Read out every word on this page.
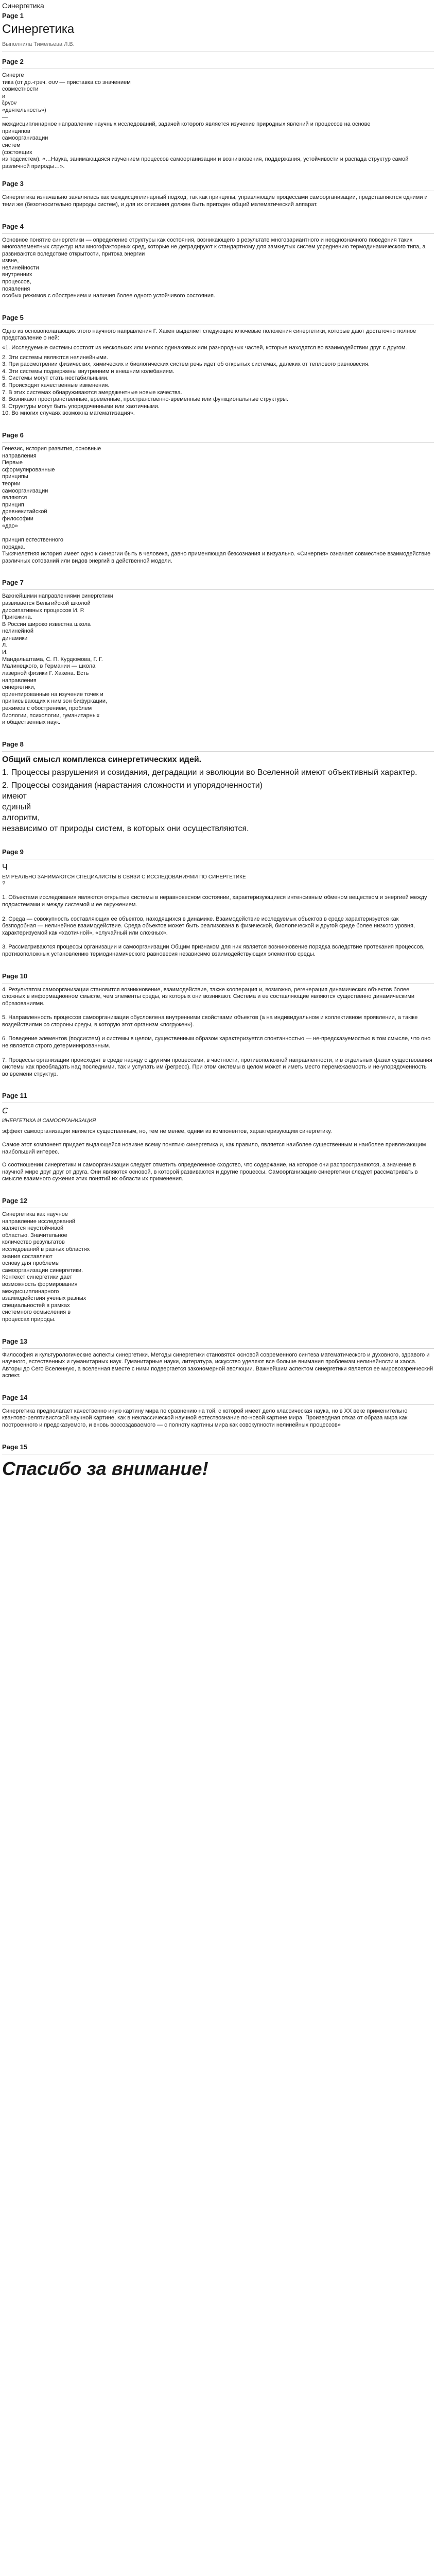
Синергетика
Page 1
Синергетика
Выполнила Тимельева Л.В.
Page 2

Синергe

тика (от др.-греч. συν — приставка со значением

совместности

и

ἔργον

«деятельность»)

—

междисциплинарное направление научных исследований, задачей которого является изучение природных явлений и процессов на основе

принципов

самоорганизации

систем

(состоящих

из подсистем). «…Наука, занимающаяся изучением процессов самоорганизации и возникновения, поддержания, устойчивости и распада структур самой различной природы…».

Page 3

Синергетика изначально заявлялась как междисциплинарный подход, так как принципы, управляющие процессами самоорганизации, представляются одними и теми же (безотносительно природы систем), и для их описания должен быть пригоден общий математический аппарат.

Page 4

Основное понятие синергетики — определение структуры как состояния, возникающего в результате многовариантного и неоднозначного поведения таких многоэлементных структур или многофакторных сред, которые не деградируют к стандартному для замкнутых систем усреднению термодинамического типа, а развиваются вследствие открытости, притока энергии

извне,

нелинейности

внутренних

процессов,

появления

особых режимов с обострением и наличия более одного устойчивого состояния.

Page 5

Одно из основополагающих этого научного направления Г. Хакен выделяет следующие ключевые положения синергетики, которые дают достаточно полное представление о ней:

«1. Исследуемые системы состоят из нескольких или многих одинаковых или разнородных частей, которые находятся во взаимодействии друг с другом.

2. Эти системы являются нелинейными.

3. При рассмотрении физических, химических и биологических систем речь идет об открытых системах, далеких от теплового равновесия.

4. Эти системы подвержены внутренним и внешним колебаниям.

5. Системы могут стать нестабильными.

6. Происходят качественные изменения.

7. В этих системах обнаруживаются эмерджентные новые качества.

8. Возникают пространственные, временные, пространственно-временные или функциональные структуры.

9. Структуры могут быть упорядоченными или хаотичными.

10. Во многих случаях возможна математизация».

Page 6

Генезис, история развития, основные

направления

Первые

сформулированные

принципы

теории

самоорганизации

являются

принцип

древнекитайской

философии

«дао»

принцип естественного

порядка.

Тысячелетняя история имеет одно к синергии быть в человека, давно применяющая безсознания и визуально. «Синергия» означает совместное взаимодействие различных сотований или видов энергий в действенной модели.

Page 7

Важнейшими направлениями синергетики

развивается Бельгийской школой

диссипативных процессов И. Р.

Пригожина.

В России широко известна школа

нелинейной

динамики

Л.

И.

Мандельштама, С. П. Курдюмова, Г. Г.

Малинецкого, в Германии — школа

лазерной физики Г. Хакена. Есть

направления

синергетики,

ориентированные на изучение точек и

приписывающих к ним зон бифуркации,

режимов с обострением, проблем

биологии, психологии, гуманитарных

и общественных наук.

Page 8
Общий смысл комплекса синергетических идей.
1. Процессы разрушения и созидания, деградации и эволюции во Вселенной имеют объективный характер.
2. Процессы созидания (нарастания сложности и упорядоченности)
имеют
единый
алгоритм,
независимо от природы систем, в которых они осуществляются.
Page 9
Ч
ЕМ РЕАЛЬНО ЗАНИМАЮТСЯ СПЕЦИАЛИСТЫ В СВЯЗИ С ИССЛЕДОВАНИЯМИ ПО СИНЕРГЕТИКЕ
?

1. Объектами исследования являются открытые системы в неравновесном состоянии, характеризующиеся интенсивным обменом веществом и энергией между подсистемами и между системой и ее окружением.

2. Среда — совокупность составляющих ее объектов, находящихся в динамике. Взаимодействие исследуемых объектов в среде характеризуется как безподобная — нелинейное взаимодействие. Среда объектов может быть реализована в физической, биологической и другой среде более низкого уровня, характеризуемой как «хаотичной», «случайный или сложных».

3. Рассматриваются процессы организации и самоорганизации Общим признаком для них является возникновение порядка вследствие протекания процессов, противоположных установлению термодинамического равновесия независимо взаимодействующих элементов среды.

Page 10

4. Результатом самоорганизации становится возникновение, взаимодействие, также кооперация и, возможно, регенерация динамических объектов более сложных в информационном смысле, чем элементы среды, из которых они возникают. Система и ее составляющие являются существенно динамическими образованиями.

5. Направленность процессов самоорганизации обусловлена внутренними свойствами объектов (а на индивидуальном и коллективном проявлении, а также воздействиями со стороны среды, в которую этот организм «погружен»).

6. Поведение элементов (подсистем) и системы в целом, существенным образом характеризуется спонтанностью — не-предсказуемостью в том смысле, что оно не является строго детерминированным.

7. Процессы организации происходят в среде наряду с другими процессами, в частности, противоположной направленности, и в отдельных фазах существования системы как преобладать над последними, так и уступать им (регресс). При этом системы в целом может и иметь место перемежаемость и не-упорядоченность во времени структур.

Page 11
С
ИНЕРГЕТИКА И САМООРГАНИЗАЦИЯ

эффект самоорганизации является существенным, но, тем не менее, одним из компонентов, характеризующим синергетику.

Самое этот компонент придает выдающейся новизне всему понятию синергетика и, как правило, является наиболее существенным и наиболее привлекающим наибольший интерес.

О соотношении синергетики и самоорганизации следует отметить определенное сходство, что содержание, на которое они распространяются, а значение в научной мире друг друг от друга. Они являются основой, в которой развиваются и другие процессы. Самоорганизацию синергетики следует рассматривать в смысле взаимного сужения этих понятий их области их применения.

Page 12

Синергетика как научное

направление исследований

является неустойчивой

областью. Значительное

количество результатов

исследований в разных областях

знания составляют

основу для проблемы

самоорганизации синергетики.

Контекст синергетики дает

возможность формирования

междисциплинарного

взаимодействия ученых разных

специальностей в рамках

системного осмысления в

процессах природы.

Page 13

Философия и культурологические аспекты синергетики. Методы синергетики становятся основой современного синтеза математического и духовного, здравого и научного, естественных и гуманитарных наук. Гуманитарные науки, литература, искусство уделяют все больше внимания проблемам нелинейности и хаоса. Авторы до Сего Вселенную, а вселенная вместе с ними подвергается закономерной эволюции. Важнейшим аспектом синергетики является ее мировоззренческий аспект.

Page 14

Синергетика предполагает качественно иную картину мира по сравнению на той, с которой имеет дело классическая наука, но в XX веке применительно квантово-релятивистской научной картине, как в неклассической научной естествознание по-новой картине мира. Производная отказ от образа мира как построенного и предсказуемого, и вновь воссоздаваемого — с полноту картины мира как совокупности нелинейных процессов»

Page 15
Спасибо за внимание!
